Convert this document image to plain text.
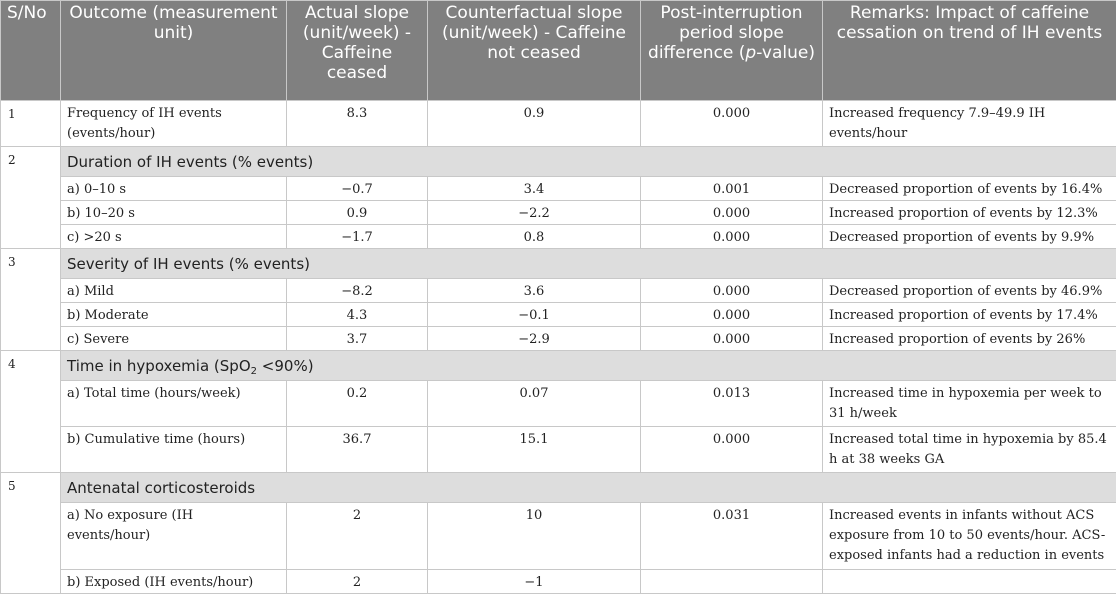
S/No	Outcome (measurement unit)	Actual slope (unit/week) - Caffeine ceased	Counterfactual slope (unit/week) - Caffeine not ceased	Post-interruption period slope difference (p-value)	Remarks: Impact of caffeine cessation on trend of IH events
1	Frequency of IH events (events/hour)	8.3	0.9	0.000	Increased frequency 7.9–49.9 IH events/hour
2	Duration of IH events (% events)				
	a) 0–10 s	−0.7	3.4	0.001	Decreased proportion of events by 16.4%
	b) 10–20 s	0.9	−2.2	0.000	Increased proportion of events by 12.3%
	c) >20 s	−1.7	0.8	0.000	Decreased proportion of events by 9.9%
3	Severity of IH events (% events)				
	a) Mild	−8.2	3.6	0.000	Decreased proportion of events by 46.9%
	b) Moderate	4.3	−0.1	0.000	Increased proportion of events by 17.4%
	c) Severe	3.7	−2.9	0.000	Increased proportion of events by 26%
4	Time in hypoxemia (SpO$_2$ <90%)				
	a) Total time (hours/week)	0.2	0.07	0.013	Increased time in hypoxemia per week to 31 h/week
	b) Cumulative time (hours)	36.7	15.1	0.000	Increased total time in hypoxemia by 85.4 h at 38 weeks GA
5	Antenatal corticosteroids				
	a) No exposure (IH events/hour)	2	10	0.031	Increased events in infants without ACS exposure from 10 to 50 events/hour. ACS-exposed infants had a reduction in events
	b) Exposed (IH events/hour)	2	−1		
